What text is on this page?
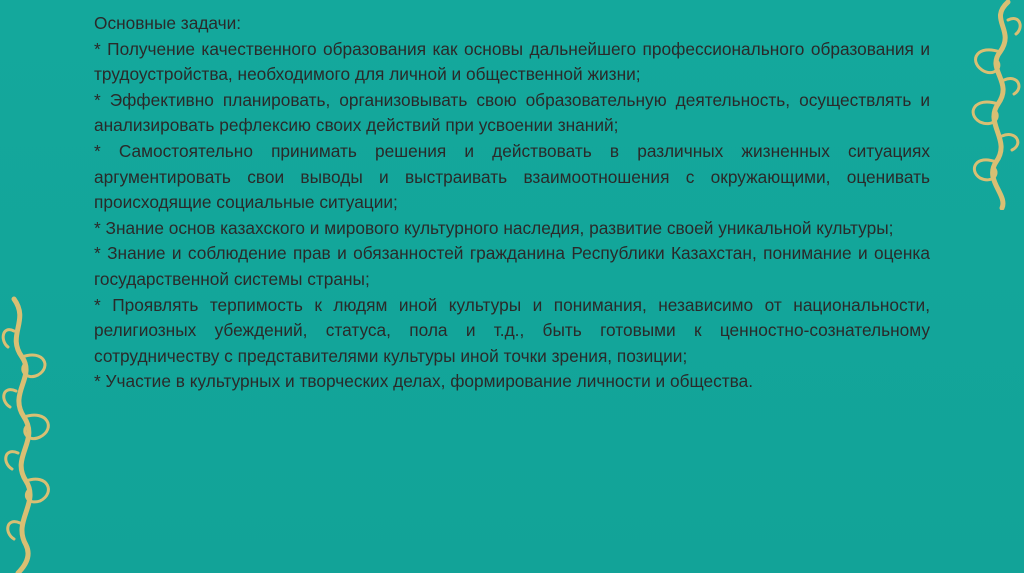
Основные задачи:

* Получение качественного образования как основы дальнейшего профессионального образования и трудоустройства, необходимого для личной и общественной жизни;

* Эффективно планировать, организовывать свою образовательную деятельность, осуществлять и анализировать рефлексию своих действий при усвоении знаний;

* Самостоятельно принимать решения и действовать в различных жизненных ситуациях аргументировать свои выводы и выстраивать взаимоотношения с окружающими, оценивать происходящие социальные ситуации;

* Знание основ казахского и мирового культурного наследия, развитие своей уникальной культуры;

* Знание и соблюдение прав и обязанностей гражданина Республики Казахстан, понимание и оценка государственной системы страны;

* Проявлять терпимость к людям иной культуры и понимания, независимо от национальности, религиозных убеждений, статуса, пола и т.д., быть готовыми к ценностно-сознательному сотрудничеству с представителями культуры иной точки зрения, позиции;

* Участие в культурных и творческих делах, формирование личности и общества.
